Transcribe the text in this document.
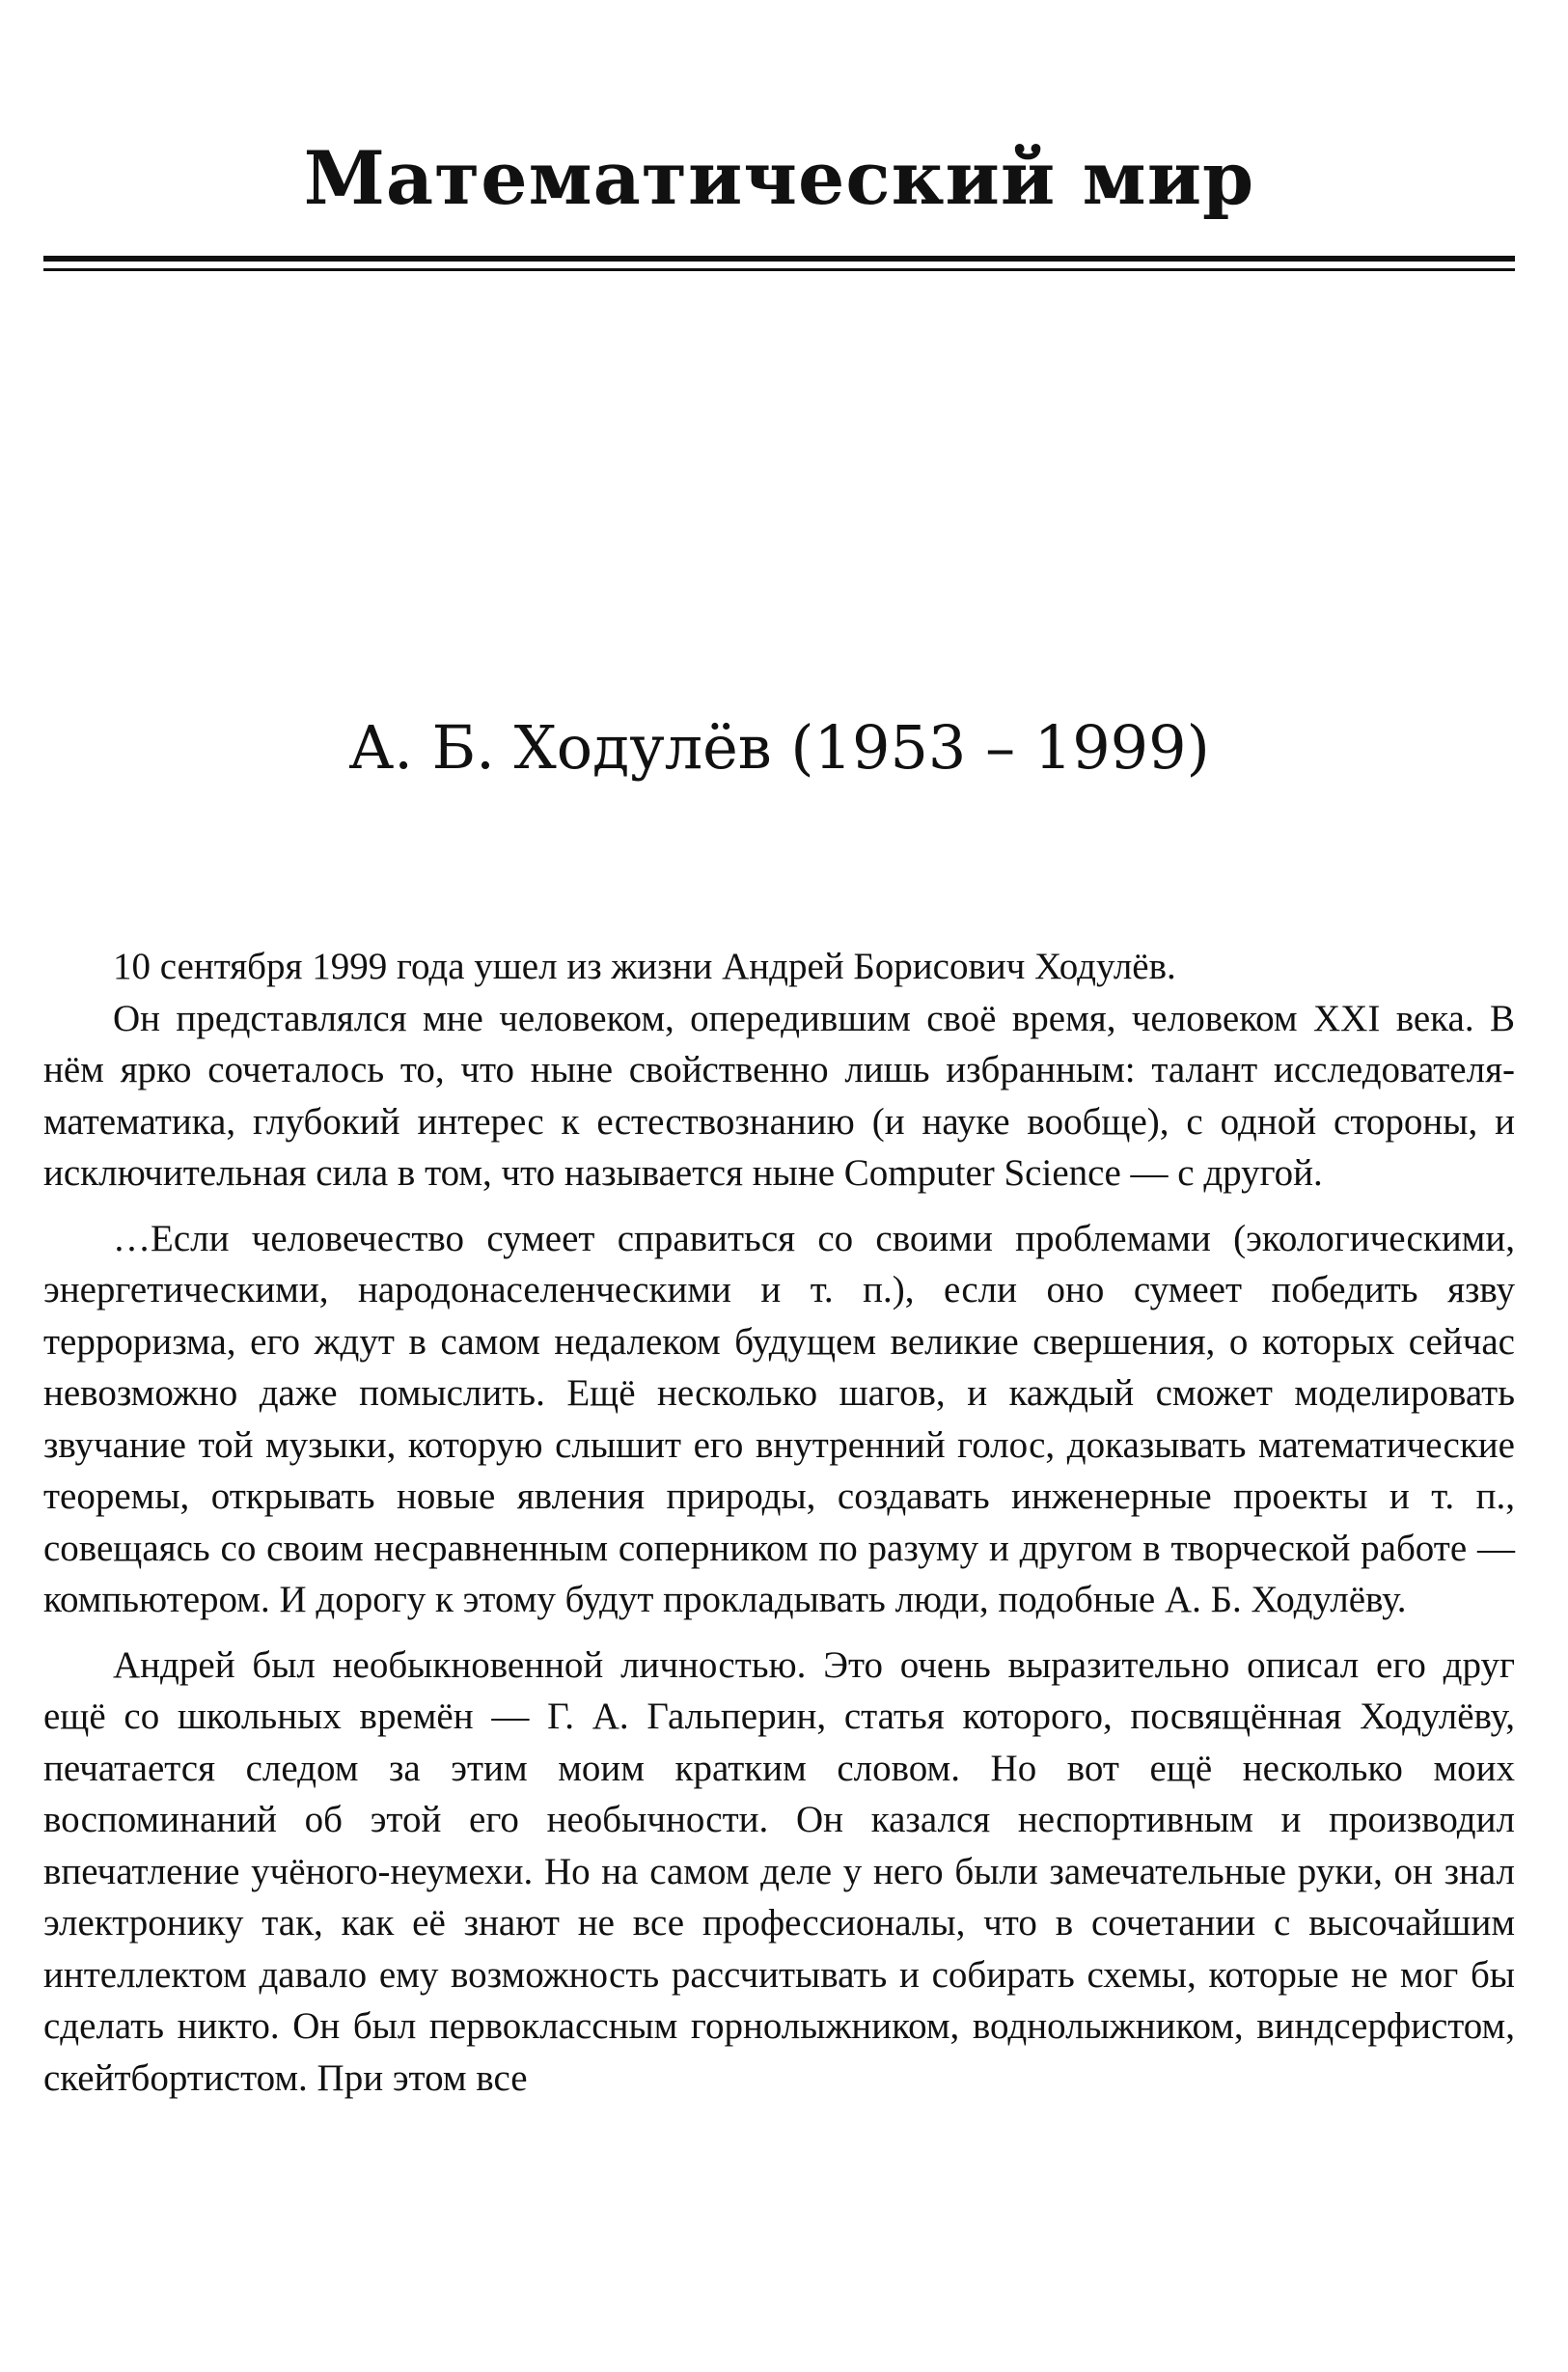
Математический мир
А. Б. Ходулёв (1953 – 1999)

10 сентября 1999 года ушел из жизни Андрей Борисович Ходулёв.

Он представлялся мне человеком, опередившим своё время, человеком XXI века. В нём ярко сочеталось то, что ныне свойственно лишь избранным: талант исследователя-математика, глубокий интерес к естествознанию (и науке вообще), с одной стороны, и исключительная сила в том, что называется ныне Computer Science — с другой.

…Если человечество сумеет справиться со своими проблемами (экологическими, энергетическими, народонаселенческими и т. п.), если оно сумеет победить язву терроризма, его ждут в самом недалеком будущем великие свершения, о которых сейчас невозможно даже помыслить. Ещё несколько шагов, и каждый сможет моделировать звучание той музыки, которую слышит его внутренний голос, доказывать математические теоремы, открывать новые явления природы, создавать инженерные проекты и т. п., совещаясь со своим несравненным соперником по разуму и другом в творческой работе — компьютером. И дорогу к этому будут прокладывать люди, подобные А. Б. Ходулёву.

Андрей был необыкновенной личностью. Это очень выразительно описал его друг ещё со школьных времён — Г. А. Гальперин, статья которого, посвящённая Ходулёву, печатается следом за этим моим кратким словом. Но вот ещё несколько моих воспоминаний об этой его необычности. Он казался неспортивным и производил впечатление учёного-неумехи. Но на самом деле у него были замечательные руки, он знал электронику так, как её знают не все профессионалы, что в сочетании с высочайшим интеллектом давало ему возможность рассчитывать и собирать схемы, которые не мог бы сделать никто. Он был первоклассным горнолыжником, воднолыжником, виндсерфистом, скейтбортистом. При этом все
